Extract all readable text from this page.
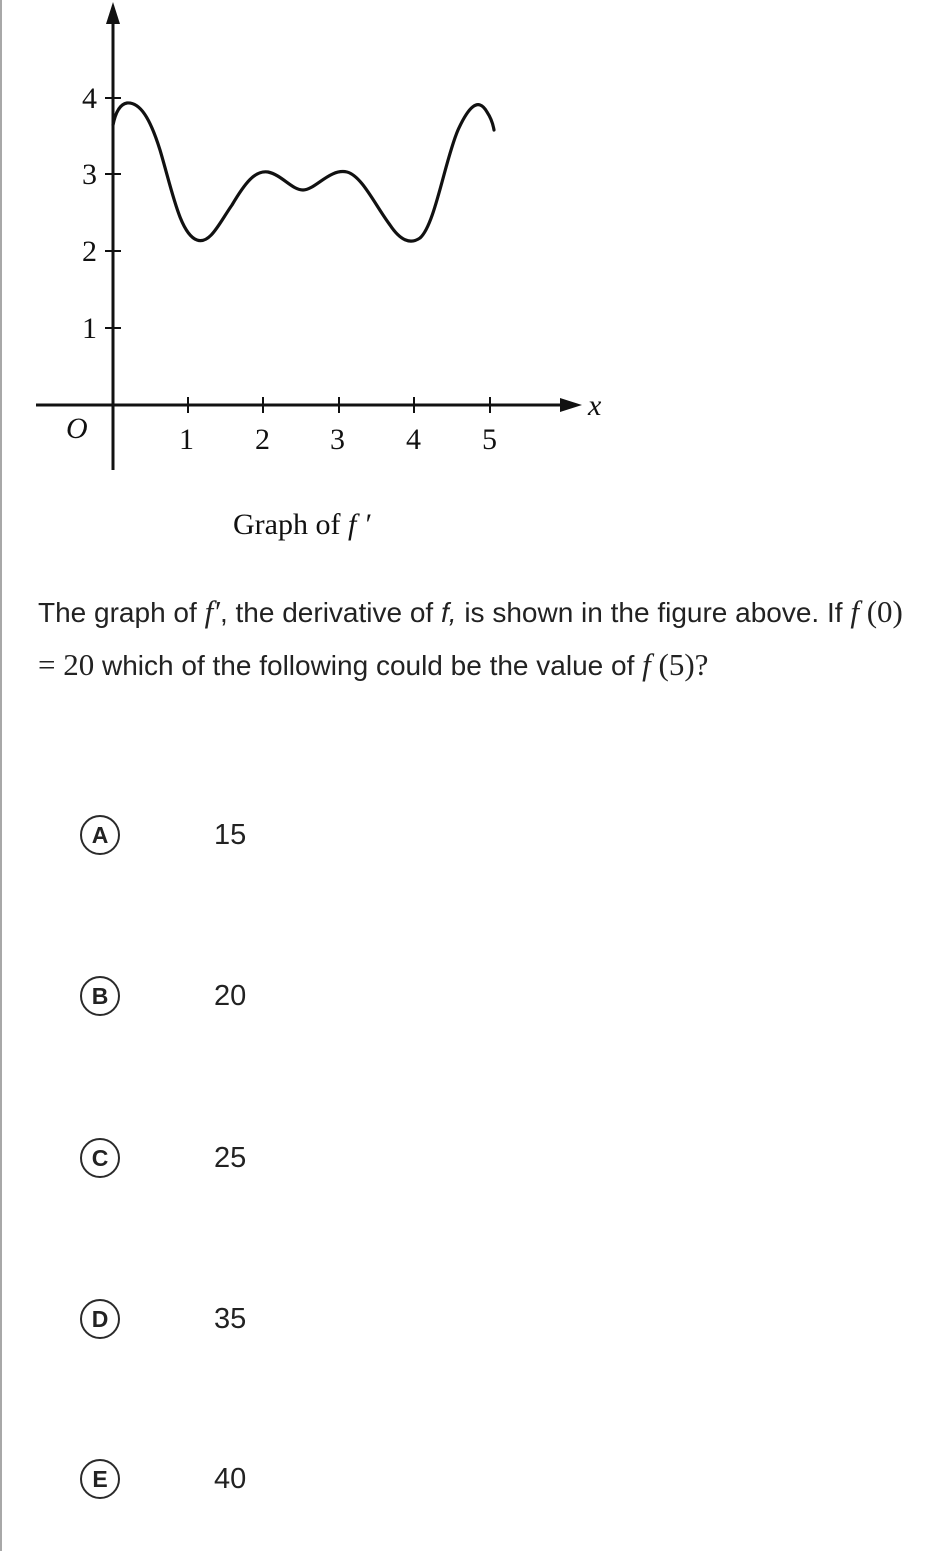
1 2 3 4 5
1
2
3
4
O
x
Graph of f ′
The graph of f′, the derivative of f, is shown in the figure above. If f (0) = 20 which of the following could be the value of f (5)?
A	15
B	20
C	25
D	35
E	40
